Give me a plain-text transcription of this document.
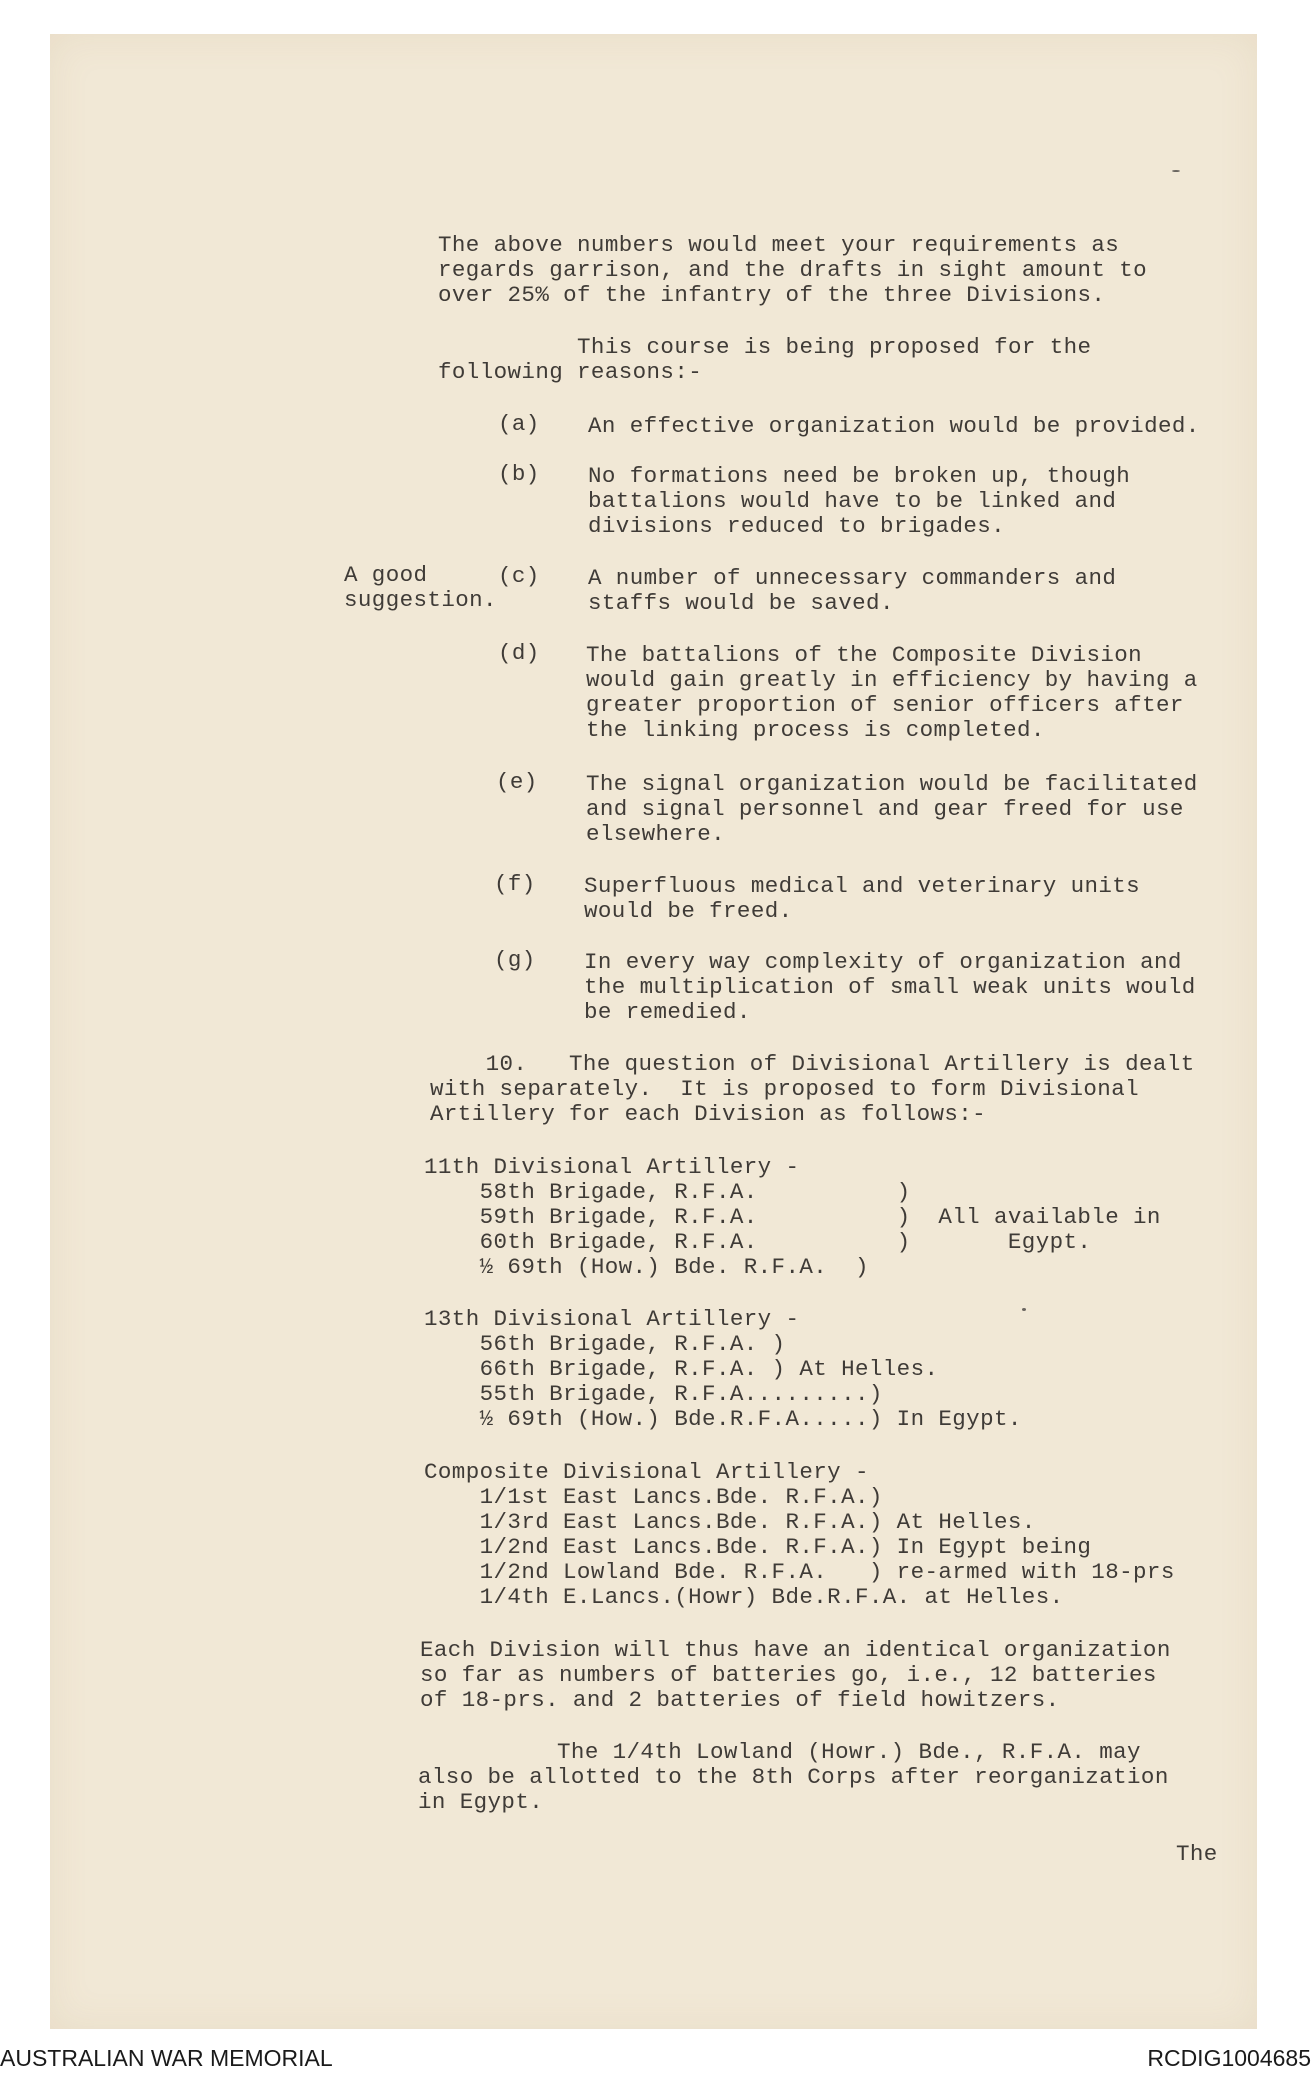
The above numbers would meet your requirements as
regards garrison, and the drafts in sight amount to
over 25% of the infantry of the three Divisions.
This course is being proposed for the
following reasons:-
(a) An effective organization would be provided.
(b) No formations need be broken up, though
battalions would have to be linked and
divisions reduced to brigades.
A good
suggestion.
(c) A number of unnecessary commanders and
staffs would be saved.
(d) The battalions of the Composite Division
would gain greatly in efficiency by having a
greater proportion of senior officers after
the linking process is completed.
(e) The signal organization would be facilitated
and signal personnel and gear freed for use
elsewhere.
(f) Superfluous medical and veterinary units
would be freed.
(g) In every way complexity of organization and
the multiplication of small weak units would
be remedied.
10.   The question of Divisional Artillery is dealt
with separately.  It is proposed to form Divisional
Artillery for each Division as follows:-
11th Divisional Artillery -
58th Brigade, R.F.A.          )
59th Brigade, R.F.A.          )  All available in
60th Brigade, R.F.A.          )       Egypt.
½ 69th (How.) Bde. R.F.A.  )
13th Divisional Artillery -
56th Brigade, R.F.A. )
66th Brigade, R.F.A. ) At Helles.
55th Brigade, R.F.A.........)
½ 69th (How.) Bde.R.F.A.....) In Egypt.
Composite Divisional Artillery -
1/1st East Lancs.Bde. R.F.A.)
1/3rd East Lancs.Bde. R.F.A.) At Helles.
1/2nd East Lancs.Bde. R.F.A.) In Egypt being
1/2nd Lowland Bde. R.F.A.   ) re-armed with 18-prs
1/4th E.Lancs.(Howr) Bde.R.F.A. at Helles.
Each Division will thus have an identical organization
so far as numbers of batteries go, i.e., 12 batteries
of 18-prs. and 2 batteries of field howitzers.
The 1/4th Lowland (Howr.) Bde., R.F.A. may
also be allotted to the 8th Corps after reorganization
in Egypt.
The
AUSTRALIAN WAR MEMORIAL	RCDIG1004685
